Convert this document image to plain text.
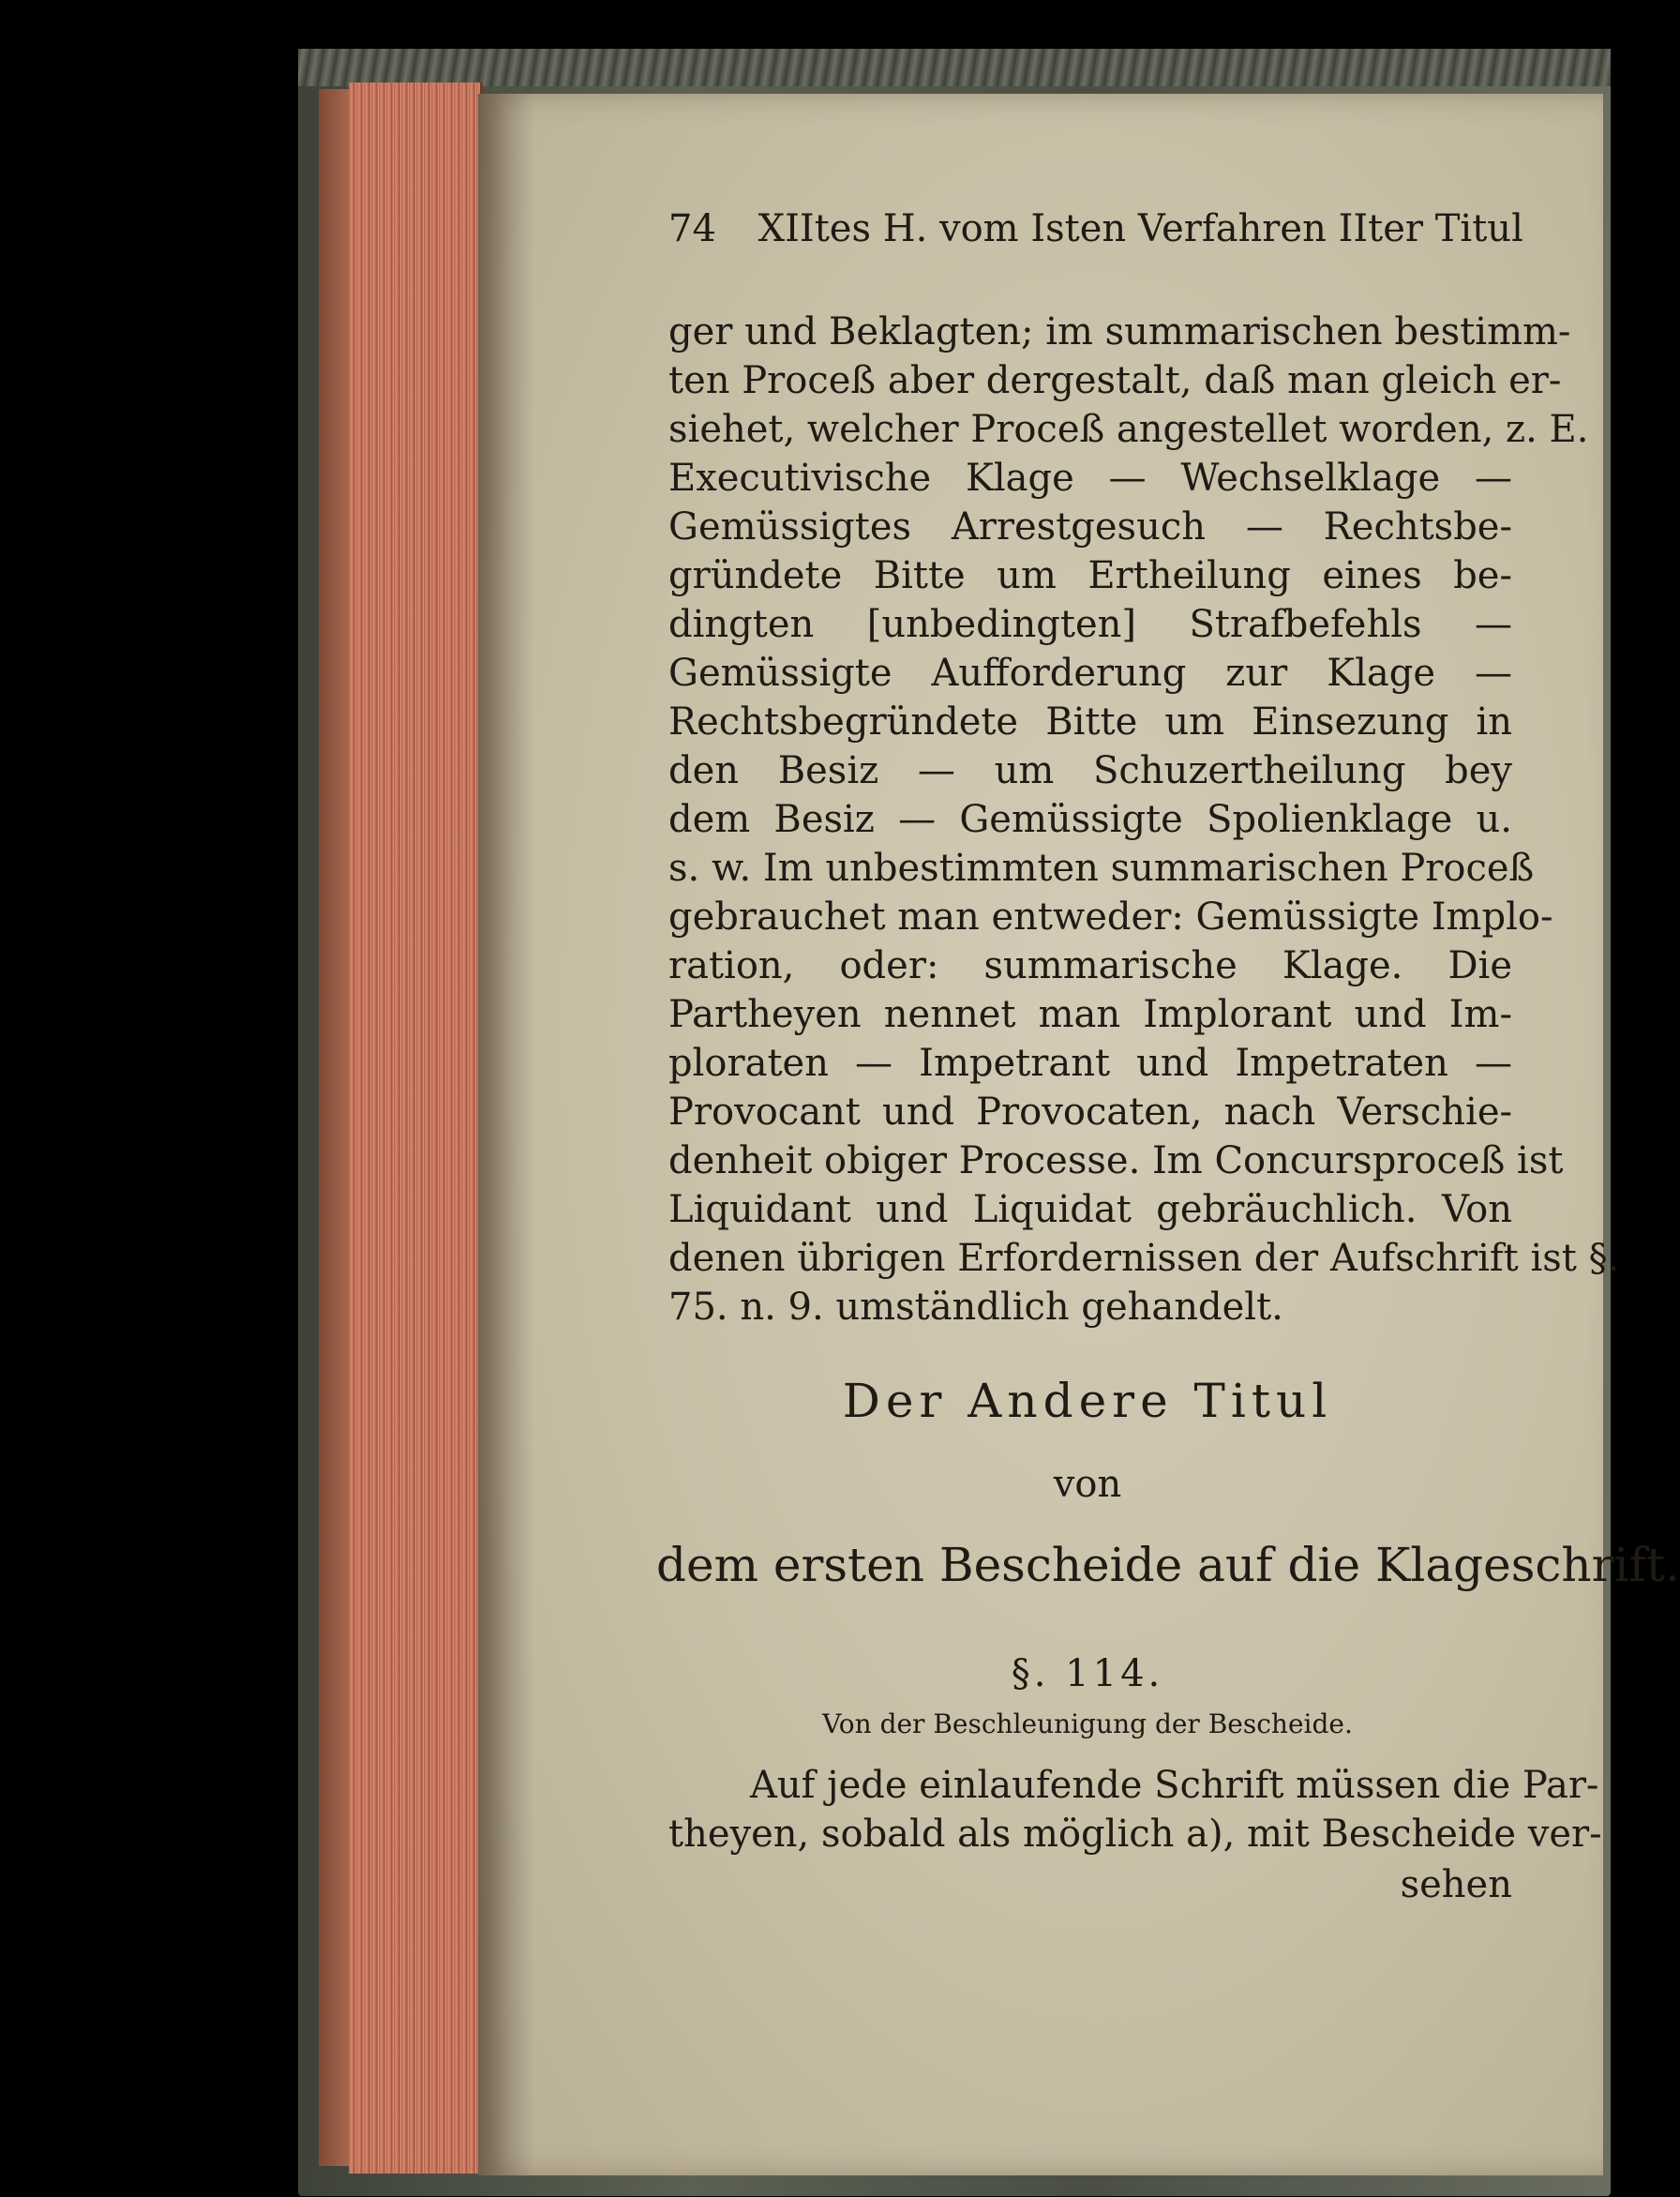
74 XIItes H. vom Isten Verfahren IIter Titul

ger und Beklagten; im summarischen bestimm-

ten Proceß aber dergestalt, daß man gleich er-

siehet, welcher Proceß angestellet worden, z. E.

Executivische Klage — Wechselklage —

Gemüssigtes Arrestgesuch — Rechtsbe-

gründete Bitte um Ertheilung eines be-

dingten [unbedingten] Strafbefehls —

Gemüssigte Aufforderung zur Klage —

Rechtsbegründete Bitte um Einsezung in

den Besiz — um Schuzertheilung bey

dem Besiz — Gemüssigte Spolienklage u.

s. w. Im unbestimmten summarischen Proceß

gebrauchet man entweder: Gemüssigte Implo-

ration, oder: summarische Klage. Die

Partheyen nennet man Implorant und Im-

ploraten — Impetrant und Impetraten —

Provocant und Provocaten, nach Verschie-

denheit obiger Processe. Im Concursproceß ist

Liquidant und Liquidat gebräuchlich. Von

denen übrigen Erfordernissen der Aufschrift ist §.

75. n. 9. umständlich gehandelt.

Der Andere Titul

von

dem ersten Bescheide auf die Klageschrift.

§. 114.

Von der Beschleunigung der Bescheide.

Auf jede einlaufende Schrift müssen die Par-

theyen, sobald als möglich a), mit Bescheide ver-

sehen
